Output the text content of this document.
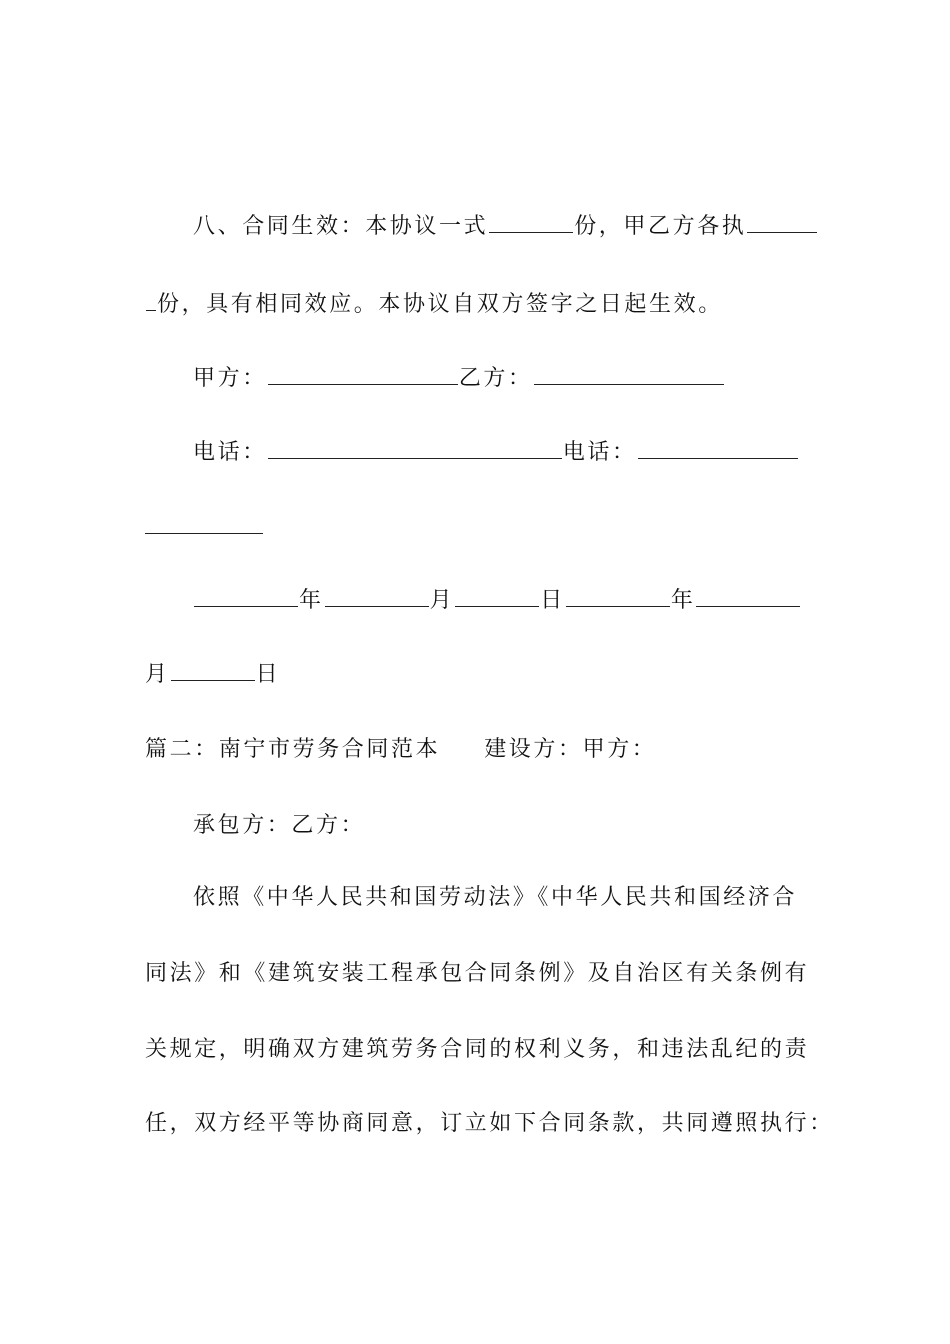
八、合同生效：本协议一式	份，甲乙方各执
份，具有相同效应。本协议自双方签字之日起生效。
甲方：	乙方：
电话：	电话：
年	月	日	年
月	日
篇二：南宁市劳务合同范本 建设方：甲方：
承包方：乙方：
依照《中华人民共和国劳动法》《中华人民共和国经济合
同法》和《建筑安装工程承包合同条例》及自治区有关条例有
关规定，明确双方建筑劳务合同的权利义务，和违法乱纪的责
任，双方经平等协商同意，订立如下合同条款，共同遵照执行：
